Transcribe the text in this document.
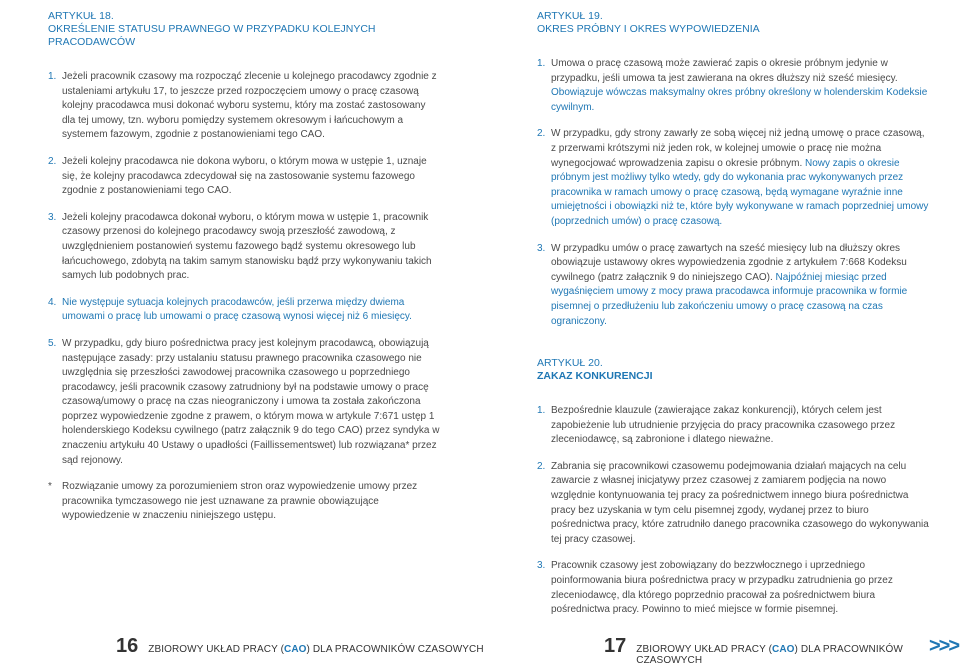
ARTYKUŁ 18.
OKREŚLENIE STATUSU PRAWNEGO W PRZYPADKU KOLEJNYCH PRACODAWCÓW
1. Jeżeli pracownik czasowy ma rozpocząć zlecenie u kolejnego pracodawcy zgodnie z ustaleniami artykułu 17, to jeszcze przed rozpoczęciem umowy o pracę czasową kolejny pracodawca musi dokonać wyboru systemu, który ma zostać zastosowany dla tej umowy, tzn. wyboru pomiędzy systemem okresowym i łańcuchowym a systemem fazowym, zgodnie z postanowieniami tego CAO.
2. Jeżeli kolejny pracodawca nie dokona wyboru, o którym mowa w ustępie 1, uznaje się, że kolejny pracodawca zdecydował się na zastosowanie systemu fazowego zgodnie z postanowieniami tego CAO.
3. Jeżeli kolejny pracodawca dokonał wyboru, o którym mowa w ustępie 1, pracownik czasowy przenosi do kolejnego pracodawcy swoją przeszłość zawodową, z uwzględnieniem postanowień systemu fazowego bądź systemu okresowego lub łańcuchowego, zdobytą na takim samym stanowisku bądź przy wykonywaniu takich samych lub podobnych prac.
4. Nie występuje sytuacja kolejnych pracodawców, jeśli przerwa między dwiema umowami o pracę lub umowami o pracę czasową wynosi więcej niż 6 miesięcy.
5. W przypadku, gdy biuro pośrednictwa pracy jest kolejnym pracodawcą, obowiązują następujące zasady: przy ustalaniu statusu prawnego pracownika czasowego nie uwzględnia się przeszłości zawodowej pracownika czasowego u poprzedniego pracodawcy, jeśli pracownik czasowy zatrudniony był na podstawie umowy o pracę czasową/umowy o pracę na czas nieograniczony i umowa ta została zakończona poprzez wypowiedzenie zgodne z prawem, o którym mowa w artykule 7:671 ustęp 1 holenderskiego Kodeksu cywilnego (patrz załącznik 9 do tego CAO) przez syndyka w znaczeniu artykułu 40 Ustawy o upadłości (Faillissementswet) lub rozwiązana* przez sąd rejonowy.
* Rozwiązanie umowy za porozumieniem stron oraz wypowiedzenie umowy przez pracownika tymczasowego nie jest uznawane za prawnie obowiązujące wypowiedzenie w znaczeniu niniejszego ustępu.
ARTYKUŁ 19.
OKRES PRÓBNY I OKRES WYPOWIEDZENIA
1. Umowa o pracę czasową może zawierać zapis o okresie próbnym jedynie w przypadku, jeśli umowa ta jest zawierana na okres dłuższy niż sześć miesięcy. Obowiązuje wówczas maksymalny okres próbny określony w holenderskim Kodeksie cywilnym.
2. W przypadku, gdy strony zawarły ze sobą więcej niż jedną umowę o prace czasową, z przerwami krótszymi niż jeden rok, w kolejnej umowie o pracę nie można wynegocjować wprowadzenia zapisu o okresie próbnym. Nowy zapis o okresie próbnym jest możliwy tylko wtedy, gdy do wykonania prac wykonywanych przez pracownika w ramach umowy o pracę czasową, będą wymagane wyraźnie inne umiejętności i obowiązki niż te, które były wykonywane w ramach poprzedniej umowy (poprzednich umów) o pracę czasową.
3. W przypadku umów o pracę zawartych na sześć miesięcy lub na dłuższy okres obowiązuje ustawowy okres wypowiedzenia zgodnie z artykułem 7:668 Kodeksu cywilnego (patrz załącznik 9 do niniejszego CAO). Najpóźniej miesiąc przed wygaśnięciem umowy z mocy prawa pracodawca informuje pracownika w formie pisemnej o przedłużeniu lub zakończeniu umowy o pracę czasową na czas ograniczony.
ARTYKUŁ 20.
ZAKAZ KONKURENCJI
1. Bezpośrednie klauzule (zawierające zakaz konkurencji), których celem jest zapobieżenie lub utrudnienie przyjęcia do pracy pracownika czasowego przez zleceniodawcę, są zabronione i dlatego nieważne.
2. Zabrania się pracownikowi czasowemu podejmowania działań mających na celu zawarcie z własnej inicjatywy przez czasowej z zamiarem podjęcia na nowo względnie kontynuowania tej pracy za pośrednictwem innego biura pośrednictwa pracy bez uzyskania w tym celu pisemnej zgody, wydanej przez to biuro pośrednictwa pracy, które zatrudniło danego pracownika czasowego do wykonywania tej pracy czasowej.
3. Pracownik czasowy jest zobowiązany do bezzwłocznego i uprzedniego poinformowania biura pośrednictwa pracy w przypadku zatrudnienia go przez zleceniodawcę, dla którego poprzednio pracował za pośrednictwem biura pośrednictwa pracy. Powinno to mieć miejsce w formie pisemnej.
16 ZBIOROWY UKŁAD PRACY (CAO) DLA PRACOWNIKÓW CZASOWYCH	17 ZBIOROWY UKŁAD PRACY (CAO) DLA PRACOWNIKÓW CZASOWYCH
>>>
